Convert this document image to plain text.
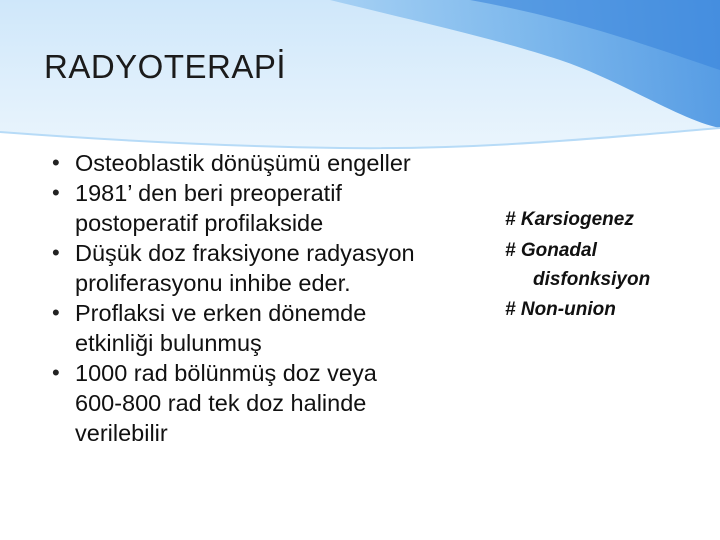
RADYOTERAPİ
• Osteoblastik dönüşümü engeller
• 1981’ den beri preoperatif
postoperatif profilakside
• Düşük doz fraksiyone radyasyon
proliferasyonu inhibe eder.
• Proflaksi ve erken dönemde
etkinliği bulunmuş
• 1000 rad bölünmüş doz veya
600-800 rad tek doz halinde
verilebilir
# Karsiogenez
# Gonadal
disfonksiyon
# Non-union
